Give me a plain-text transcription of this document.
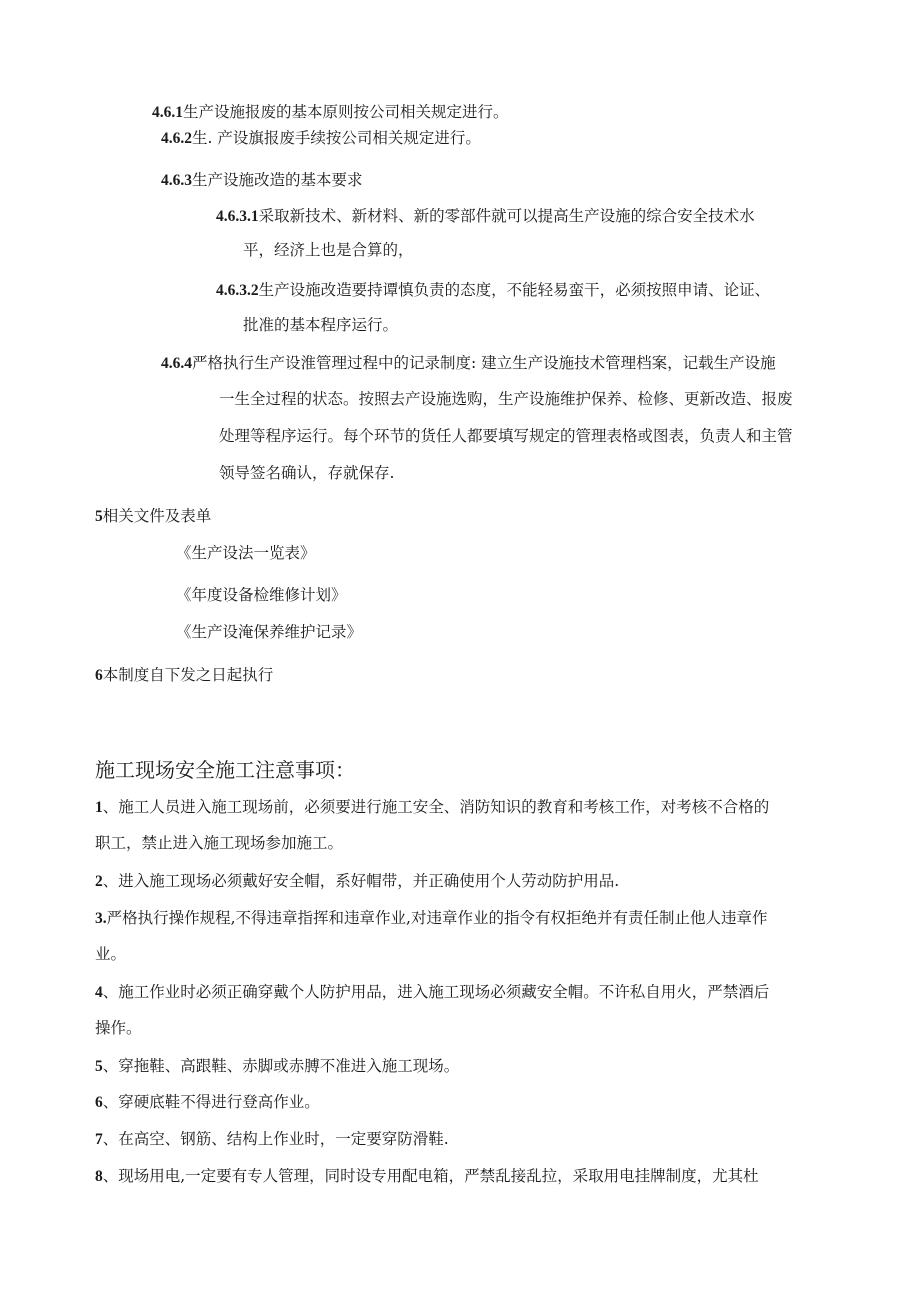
4.6.1生产设施报废的基本原则按公司相关规定进行。
4.6.2生. 产设旗报废手续按公司相关规定进行。
4.6.3生产设施改造的基本要求
4.6.3.1采取新技术、新材料、新的零部件就可以提高生产设施的综合安全技术水
平，经济上也是合算的，
4.6.3.2生产设施改造要持谭慎负责的态度，不能轻易蛮干，必须按照申请、论证、
批准的基本程序运行。
4.6.4严格执行生产设淮管理过程中的记录制度: 建立生产设施技术管理档案，记载生产设施
一生全过程的状态。按照去产设施选购，生产设施维护保养、检修、更新改造、报废
处理等程序运行。每个环节的货任人都要填写规定的管理表格或图表，负责人和主管
领导签名确认，存就保存.
5相关文件及表单
《生产设法一览表》
《年度设备检维修计划》
《生产设淹保养维护记录》
6本制度自下发之日起执行
施工现场安全施工注意事项：
1、施工人员进入施工现场前，必须要进行施工安全、消防知识的教育和考核工作，对考核不合格的
职工，禁止进入施工现场参加施工。
2、进入施工现场必须戴好安全帽，系好帽带，并正确使用个人劳动防护用品.
3.严格执行操作规程,不得违章指挥和违章作业,对违章作业的指令有权拒绝并有责任制止他人违章作
业。
4、施工作业时必须正确穿戴个人防护用品，进入施工现场必须藏安全帽。不许私自用火，严禁酒后
操作。
5、穿拖鞋、高跟鞋、赤脚或赤膊不准进入施工现场。
6、穿硬底鞋不得进行登高作业。
7、在高空、钢筋、结构上作业时，一定要穿防滑鞋.
8、现场用电,一定要有专人管理，同时设专用配电箱，严禁乱接乱拉，采取用电挂牌制度，尤其杜
